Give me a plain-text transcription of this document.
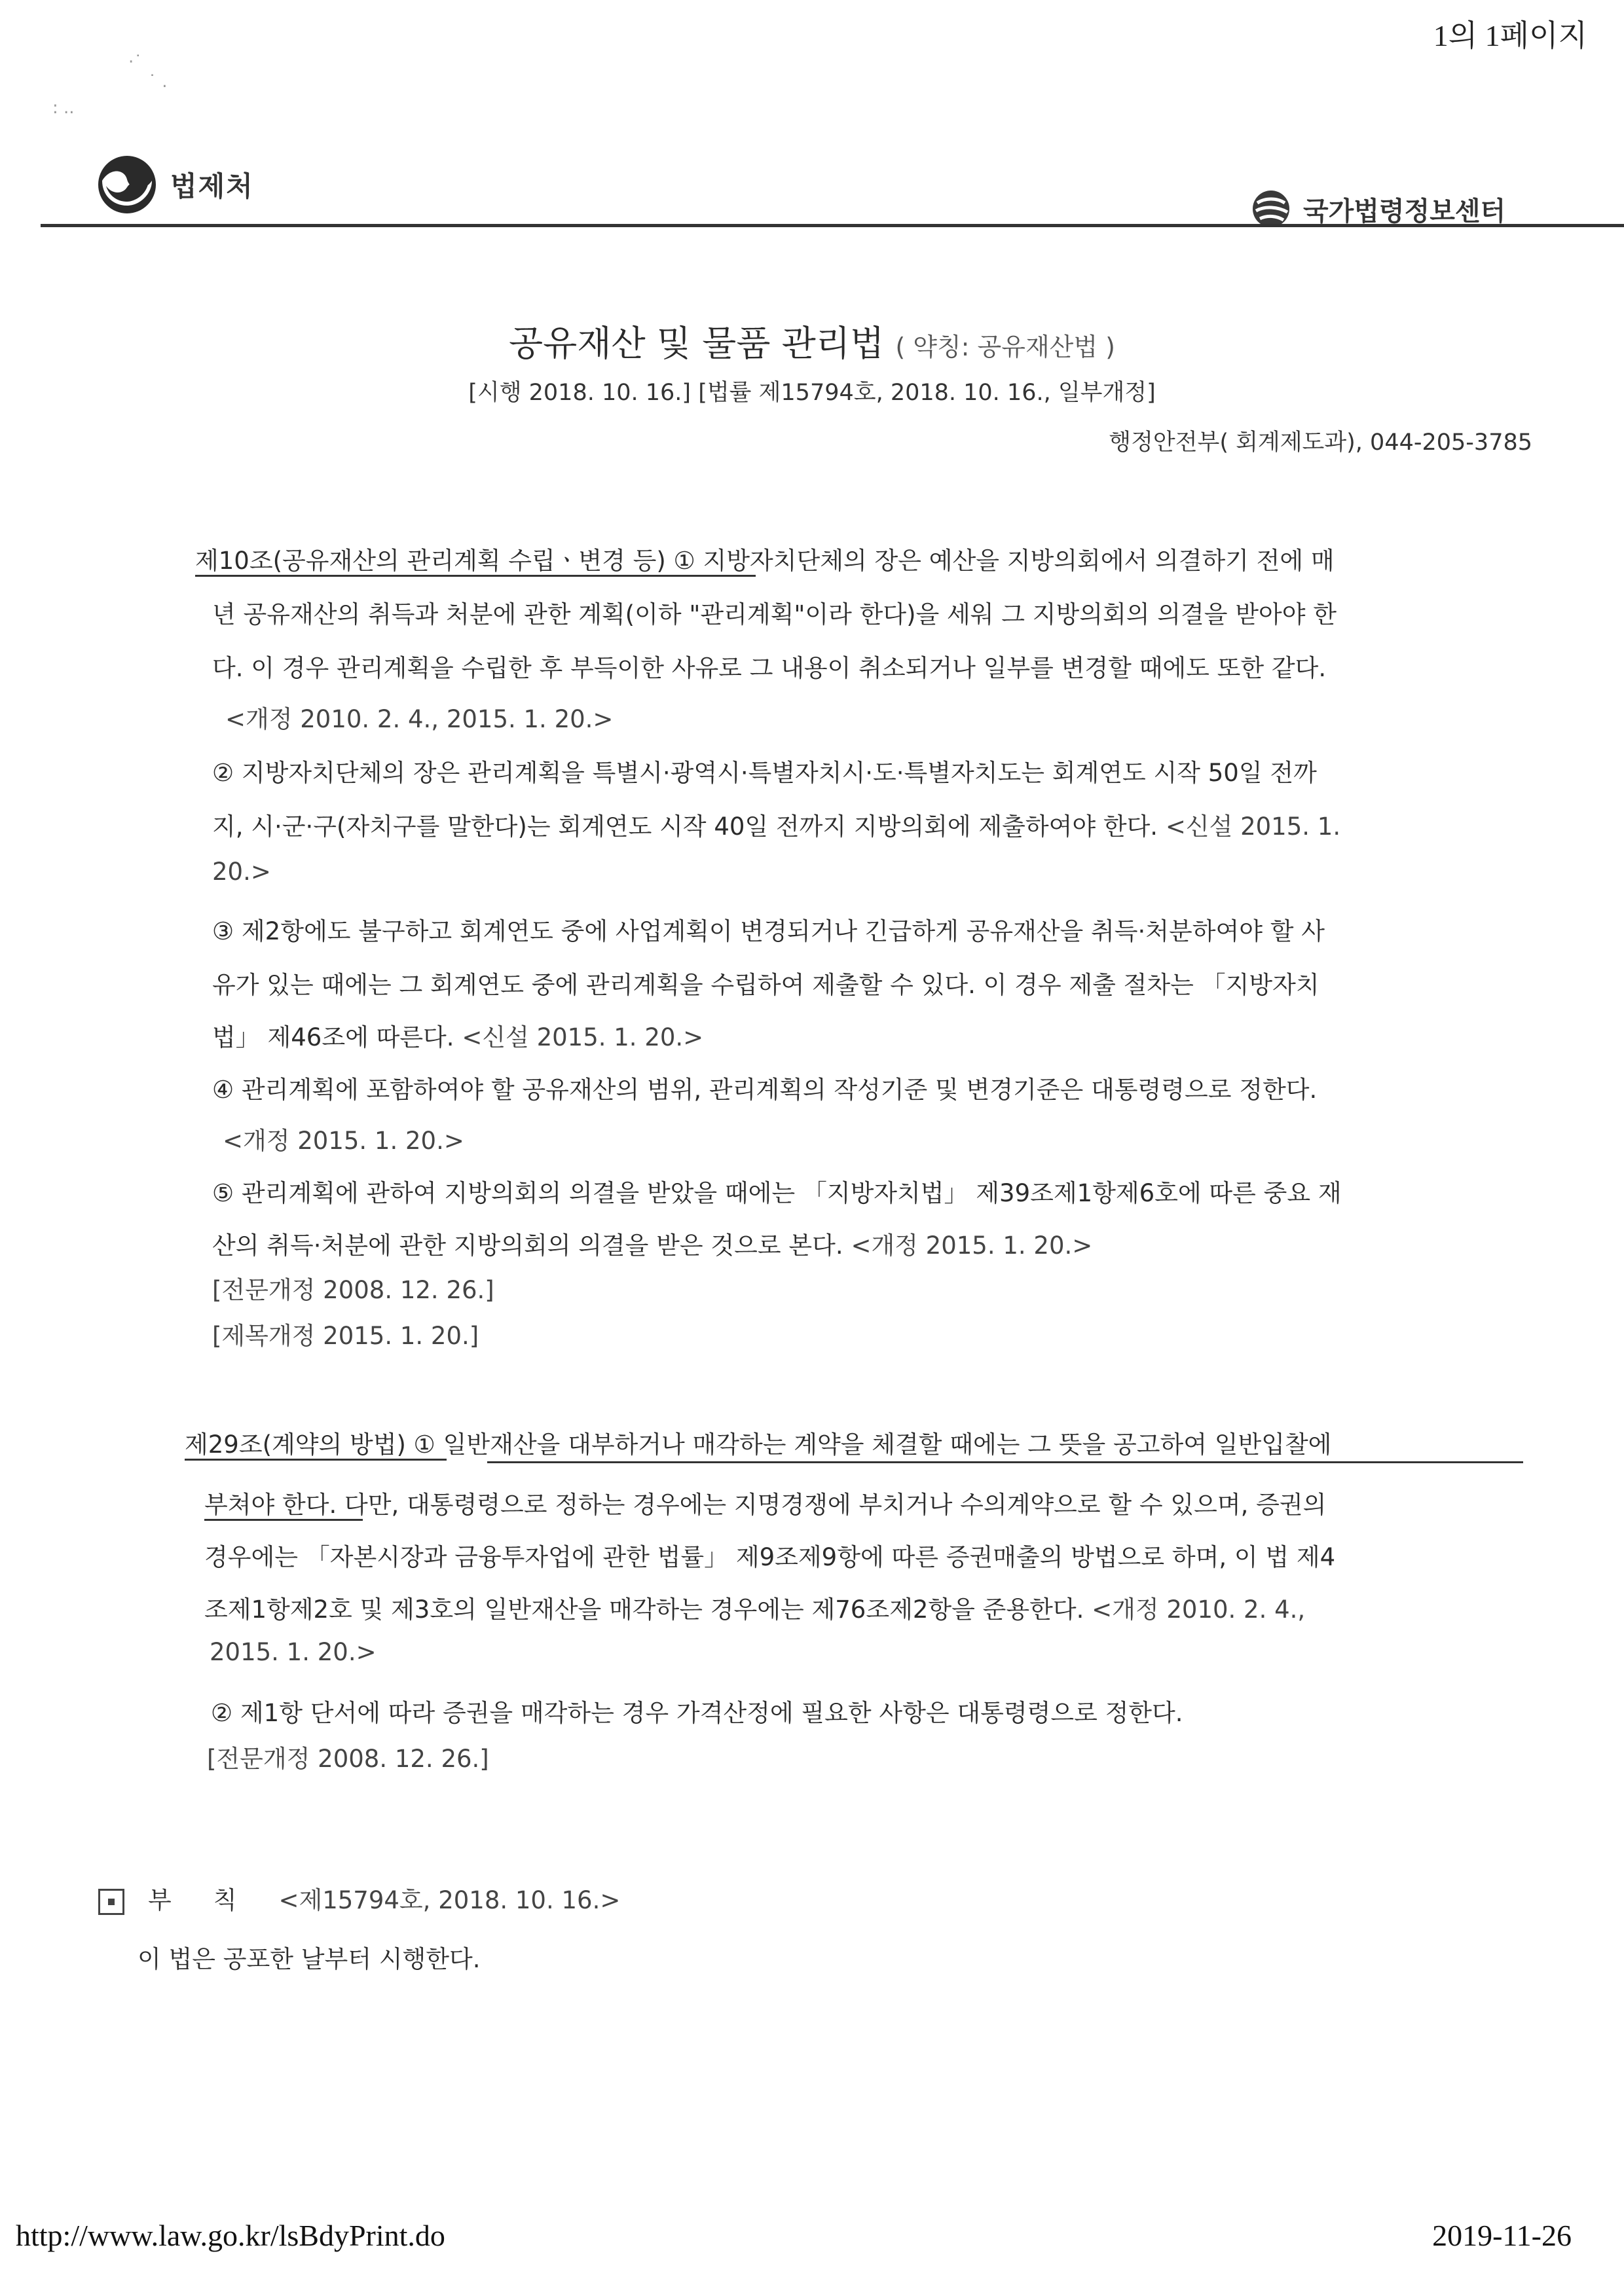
1의 1페이지
·˙
˙ .
: ..
법제처
국가법령정보센터
공유재산 및 물품 관리법 ( 약칭: 공유재산법 )
[시행 2018. 10. 16.] [법률 제15794호, 2018. 10. 16., 일부개정]
행정안전부( 회계제도과), 044-205-3785
제10조(공유재산의 관리계획 수립ㆍ변경 등) ① 지방자치단체의 장은 예산을 지방의회에서 의결하기 전에 매
년 공유재산의 취득과 처분에 관한 계획(이하 "관리계획"이라 한다)을 세워 그 지방의회의 의결을 받아야 한
다. 이 경우 관리계획을 수립한 후 부득이한 사유로 그 내용이 취소되거나 일부를 변경할 때에도 또한 같다.
<개정 2010. 2. 4., 2015. 1. 20.>
② 지방자치단체의 장은 관리계획을 특별시·광역시·특별자치시·도·특별자치도는 회계연도 시작 50일 전까
지, 시·군·구(자치구를 말한다)는 회계연도 시작 40일 전까지 지방의회에 제출하여야 한다. <신설 2015. 1.
20.>
③ 제2항에도 불구하고 회계연도 중에 사업계획이 변경되거나 긴급하게 공유재산을 취득·처분하여야 할 사
유가 있는 때에는 그 회계연도 중에 관리계획을 수립하여 제출할 수 있다. 이 경우 제출 절차는 「지방자치
법」 제46조에 따른다. <신설 2015. 1. 20.>
④ 관리계획에 포함하여야 할 공유재산의 범위, 관리계획의 작성기준 및 변경기준은 대통령령으로 정한다.
<개정 2015. 1. 20.>
⑤ 관리계획에 관하여 지방의회의 의결을 받았을 때에는 「지방자치법」 제39조제1항제6호에 따른 중요 재
산의 취득·처분에 관한 지방의회의 의결을 받은 것으로 본다. <개정 2015. 1. 20.>
[전문개정 2008. 12. 26.]
[제목개정 2015. 1. 20.]
제29조(계약의 방법) ① 일반재산을 대부하거나 매각하는 계약을 체결할 때에는 그 뜻을 공고하여 일반입찰에
부쳐야 한다. 다만, 대통령령으로 정하는 경우에는 지명경쟁에 부치거나 수의계약으로 할 수 있으며, 증권의
경우에는 「자본시장과 금융투자업에 관한 법률」 제9조제9항에 따른 증권매출의 방법으로 하며, 이 법 제4
조제1항제2호 및 제3호의 일반재산을 매각하는 경우에는 제76조제2항을 준용한다. <개정 2010. 2. 4.,
2015. 1. 20.>
② 제1항 단서에 따라 증권을 매각하는 경우 가격산정에 필요한 사항은 대통령령으로 정한다.
[전문개정 2008. 12. 26.]
부칙<제15794호, 2018. 10. 16.>
이 법은 공포한 날부터 시행한다.
http://www.law.go.kr/lsBdyPrint.do	2019-11-26
